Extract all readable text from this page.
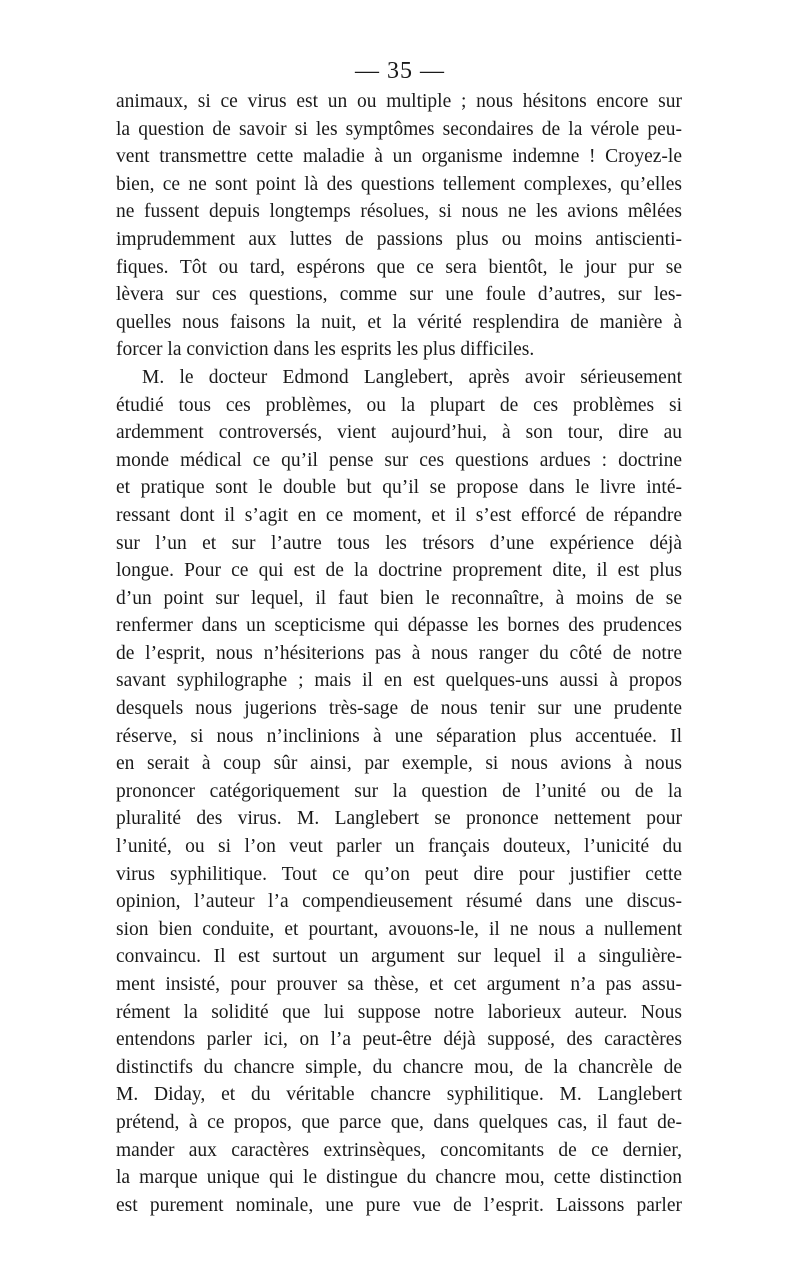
— 35 —
animaux, si ce virus est un ou multiple ; nous hésitons encore sur
la question de savoir si les symptômes secondaires de la vérole peu-
vent transmettre cette maladie à un organisme indemne ! Croyez-le
bien, ce ne sont point là des questions tellement complexes, qu’elles
ne fussent depuis longtemps résolues, si nous ne les avions mêlées
imprudemment aux luttes de passions plus ou moins antiscienti-
fiques. Tôt ou tard, espérons que ce sera bientôt, le jour pur se
lèvera sur ces questions, comme sur une foule d’autres, sur les-
quelles nous faisons la nuit, et la vérité resplendira de manière à
forcer la conviction dans les esprits les plus difficiles.
M. le docteur Edmond Langlebert, après avoir sérieusement
étudié tous ces problèmes, ou la plupart de ces problèmes si
ardemment controversés, vient aujourd’hui, à son tour, dire au
monde médical ce qu’il pense sur ces questions ardues : doctrine
et pratique sont le double but qu’il se propose dans le livre inté-
ressant dont il s’agit en ce moment, et il s’est efforcé de répandre
sur l’un et sur l’autre tous les trésors d’une expérience déjà
longue. Pour ce qui est de la doctrine proprement dite, il est plus
d’un point sur lequel, il faut bien le reconnaître, à moins de se
renfermer dans un scepticisme qui dépasse les bornes des prudences
de l’esprit, nous n’hésiterions pas à nous ranger du côté de notre
savant syphilographe ; mais il en est quelques-uns aussi à propos
desquels nous jugerions très-sage de nous tenir sur une prudente
réserve, si nous n’inclinions à une séparation plus accentuée. Il
en serait à coup sûr ainsi, par exemple, si nous avions à nous
prononcer catégoriquement sur la question de l’unité ou de la
pluralité des virus. M. Langlebert se prononce nettement pour
l’unité, ou si l’on veut parler un français douteux, l’unicité du
virus syphilitique. Tout ce qu’on peut dire pour justifier cette
opinion, l’auteur l’a compendieusement résumé dans une discus-
sion bien conduite, et pourtant, avouons-le, il ne nous a nullement
convaincu. Il est surtout un argument sur lequel il a singulière-
ment insisté, pour prouver sa thèse, et cet argument n’a pas assu-
rément la solidité que lui suppose notre laborieux auteur. Nous
entendons parler ici, on l’a peut-être déjà supposé, des caractères
distinctifs du chancre simple, du chancre mou, de la chancrèle de
M. Diday, et du véritable chancre syphilitique. M. Langlebert
prétend, à ce propos, que parce que, dans quelques cas, il faut de-
mander aux caractères extrinsèques, concomitants de ce dernier,
la marque unique qui le distingue du chancre mou, cette distinction
est purement nominale, une pure vue de l’esprit. Laissons parler
